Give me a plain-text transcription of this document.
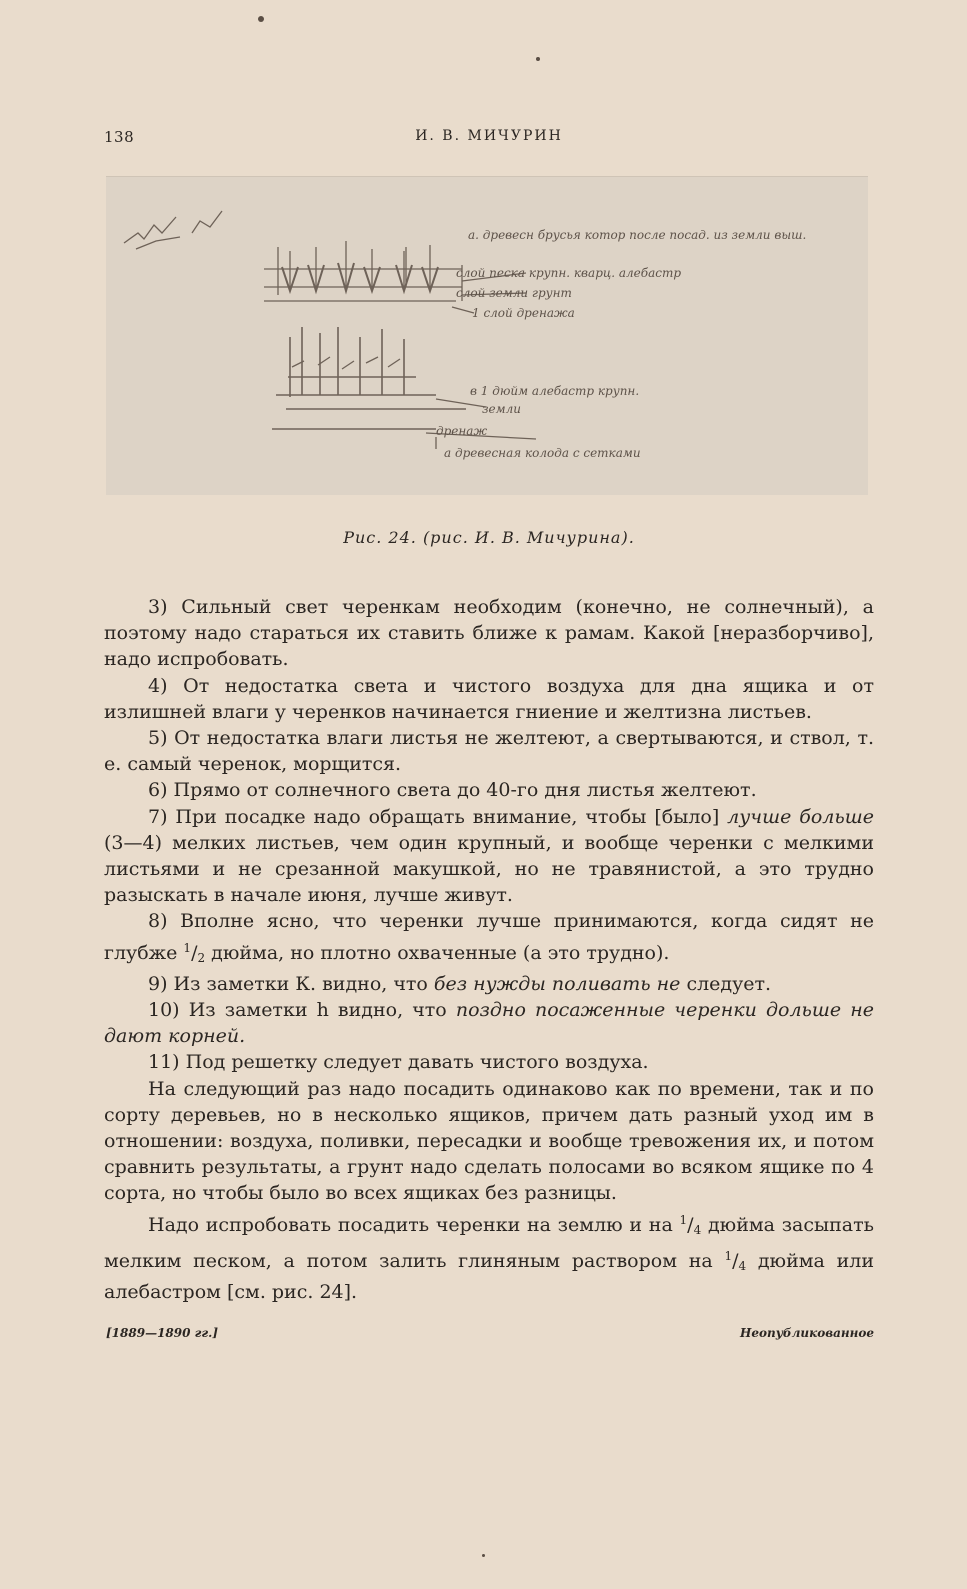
138	И. В. МИЧУРИН
а. древесн брусья котор после посад. из земли выш.
слой песка крупн. кварц. алебастр
слой земли грунт
1 слой дренажа
в 1 дюйм алебастр крупн.
земли
дренаж
а древесная колода с сетками
Рис. 24. (рис. И. В. Мичурина).

3) Сильный свет черенкам необходим (конечно, не солнечный), а поэтому надо стараться их ставить ближе к рамам. Какой [неразборчиво], надо испробовать.

4) От недостатка света и чистого воздуха для дна ящика и от излишней влаги у черенков начинается гниение и желтизна листьев.

5) От недостатка влаги листья не желтеют, а свертываются, и ствол, т. е. самый черенок, морщится.

6) Прямо от солнечного света до 40-го дня листья желтеют.

7) При посадке надо обращать внимание, чтобы [было] лучше больше (3—4) мелких листьев, чем один крупный, и вообще черенки с мелкими листьями и не срезанной макушкой, но не травянистой, а это трудно разыскать в начале июня, лучше живут.

8) Вполне ясно, что черенки лучше принимаются, когда сидят не глубже $^1$/2 дюйма, но плотно охваченные (а это трудно).

9) Из заметки К. видно, что без нужды поливать не следует.

10) Из заметки h видно, что поздно посаженные черенки дольше не дают корней.

11) Под решетку следует давать чистого воздуха.

На следующий раз надо посадить одинаково как по времени, так и по сорту деревьев, но в несколько ящиков, причем дать разный уход им в отношении: воздуха, поливки, пересадки и вообще тревожения их, и потом сравнить результаты, а грунт надо сделать полосами во всяком ящике по 4 сорта, но чтобы было во всех ящиках без разницы.

Надо испробовать посадить черенки на землю и на $^1$/4 дюйма засыпать мелким песком, а потом залить глиняным раствором на $^1$/4 дюйма или алебастром [см. рис. 24].

[1889—1890 гг.]	Неопубликованное
